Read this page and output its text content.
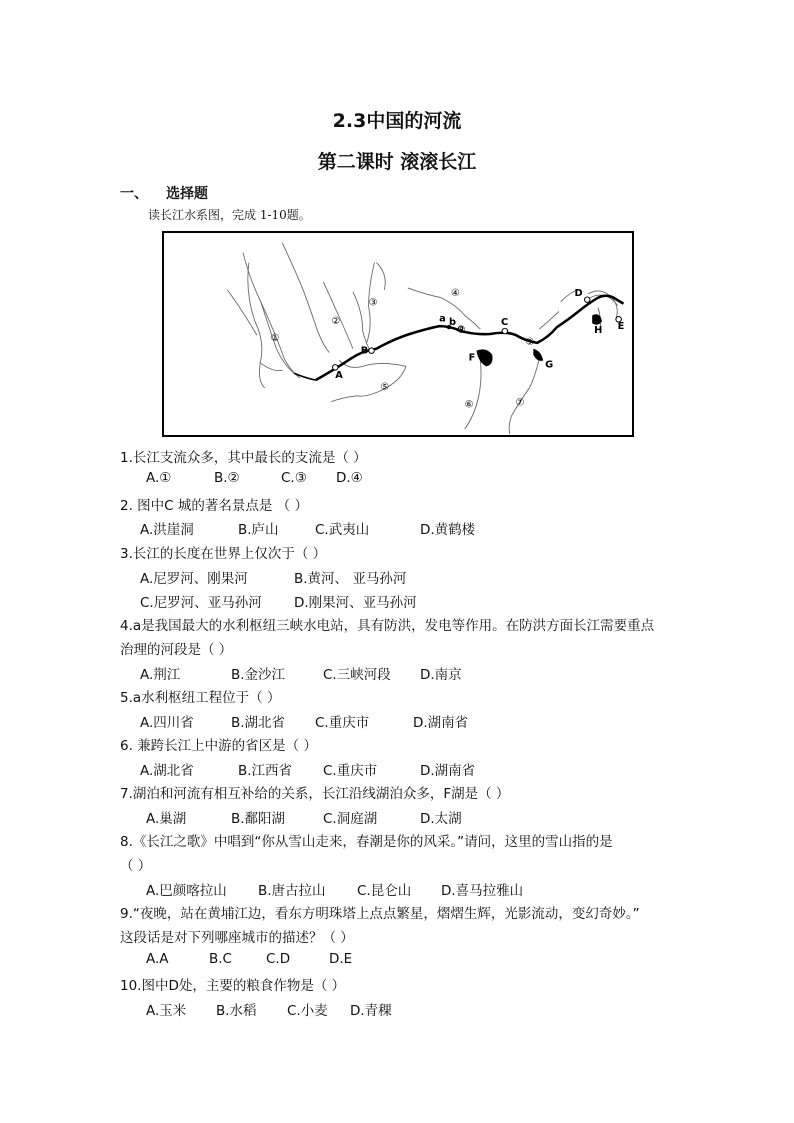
2.3中国的河流
第二课时 滚滚长江
一、 选择题
读长江水系图，完成 1-10题。
A
B
C
D
E
F
G
H
a b
①
②
③
④
⑤
⑥	⑦
⑧
⑨
1.长江支流众多，其中最长的支流是（ ）
A.①	B.②	C.③ D.④
2. 图中C 城的著名景点是 （ ）
A.洪崖洞	B.庐山	C.武夷山	D.黄鹤楼
3.长江的长度在世界上仅次于（ ）
A.尼罗河、刚果河	B.黄河、 亚马孙河
C.尼罗河、亚马孙河 D.刚果河、亚马孙河
4.a是我国最大的水利枢纽三峡水电站，具有防洪，发电等作用。在防洪方面长江需要重点
治理的河段是（ ）
A.荆江	B.金沙江	C.三峡河段 D.南京
5.a水利枢纽工程位于（ ）
A.四川省	B.湖北省 C.重庆市	D.湖南省
6. 兼跨长江上中游的省区是（ ）
A.湖北省	B.江西省 C.重庆市	D.湖南省
7.湖泊和河流有相互补给的关系，长江沿线湖泊众多，F湖是（ ）
A.巢湖	B.鄱阳湖	C.洞庭湖	D.太湖
8.《长江之歌》中唱到“你从雪山走来，春潮是你的风采。”请问，这里的雪山指的是
（ ）
A.巴颜喀拉山 B.唐古拉山 C.昆仑山 D.喜马拉雅山
9.“夜晚，站在黄埔江边，看东方明珠塔上点点繁星，熠熠生辉，光影流动，变幻奇妙。”
这段话是对下列哪座城市的描述？（ ）
A.A	B.C	C.D	D.E
10.图中D处，主要的粮食作物是（ ）
A.玉米 B.水稻 C.小麦 D.青稞
